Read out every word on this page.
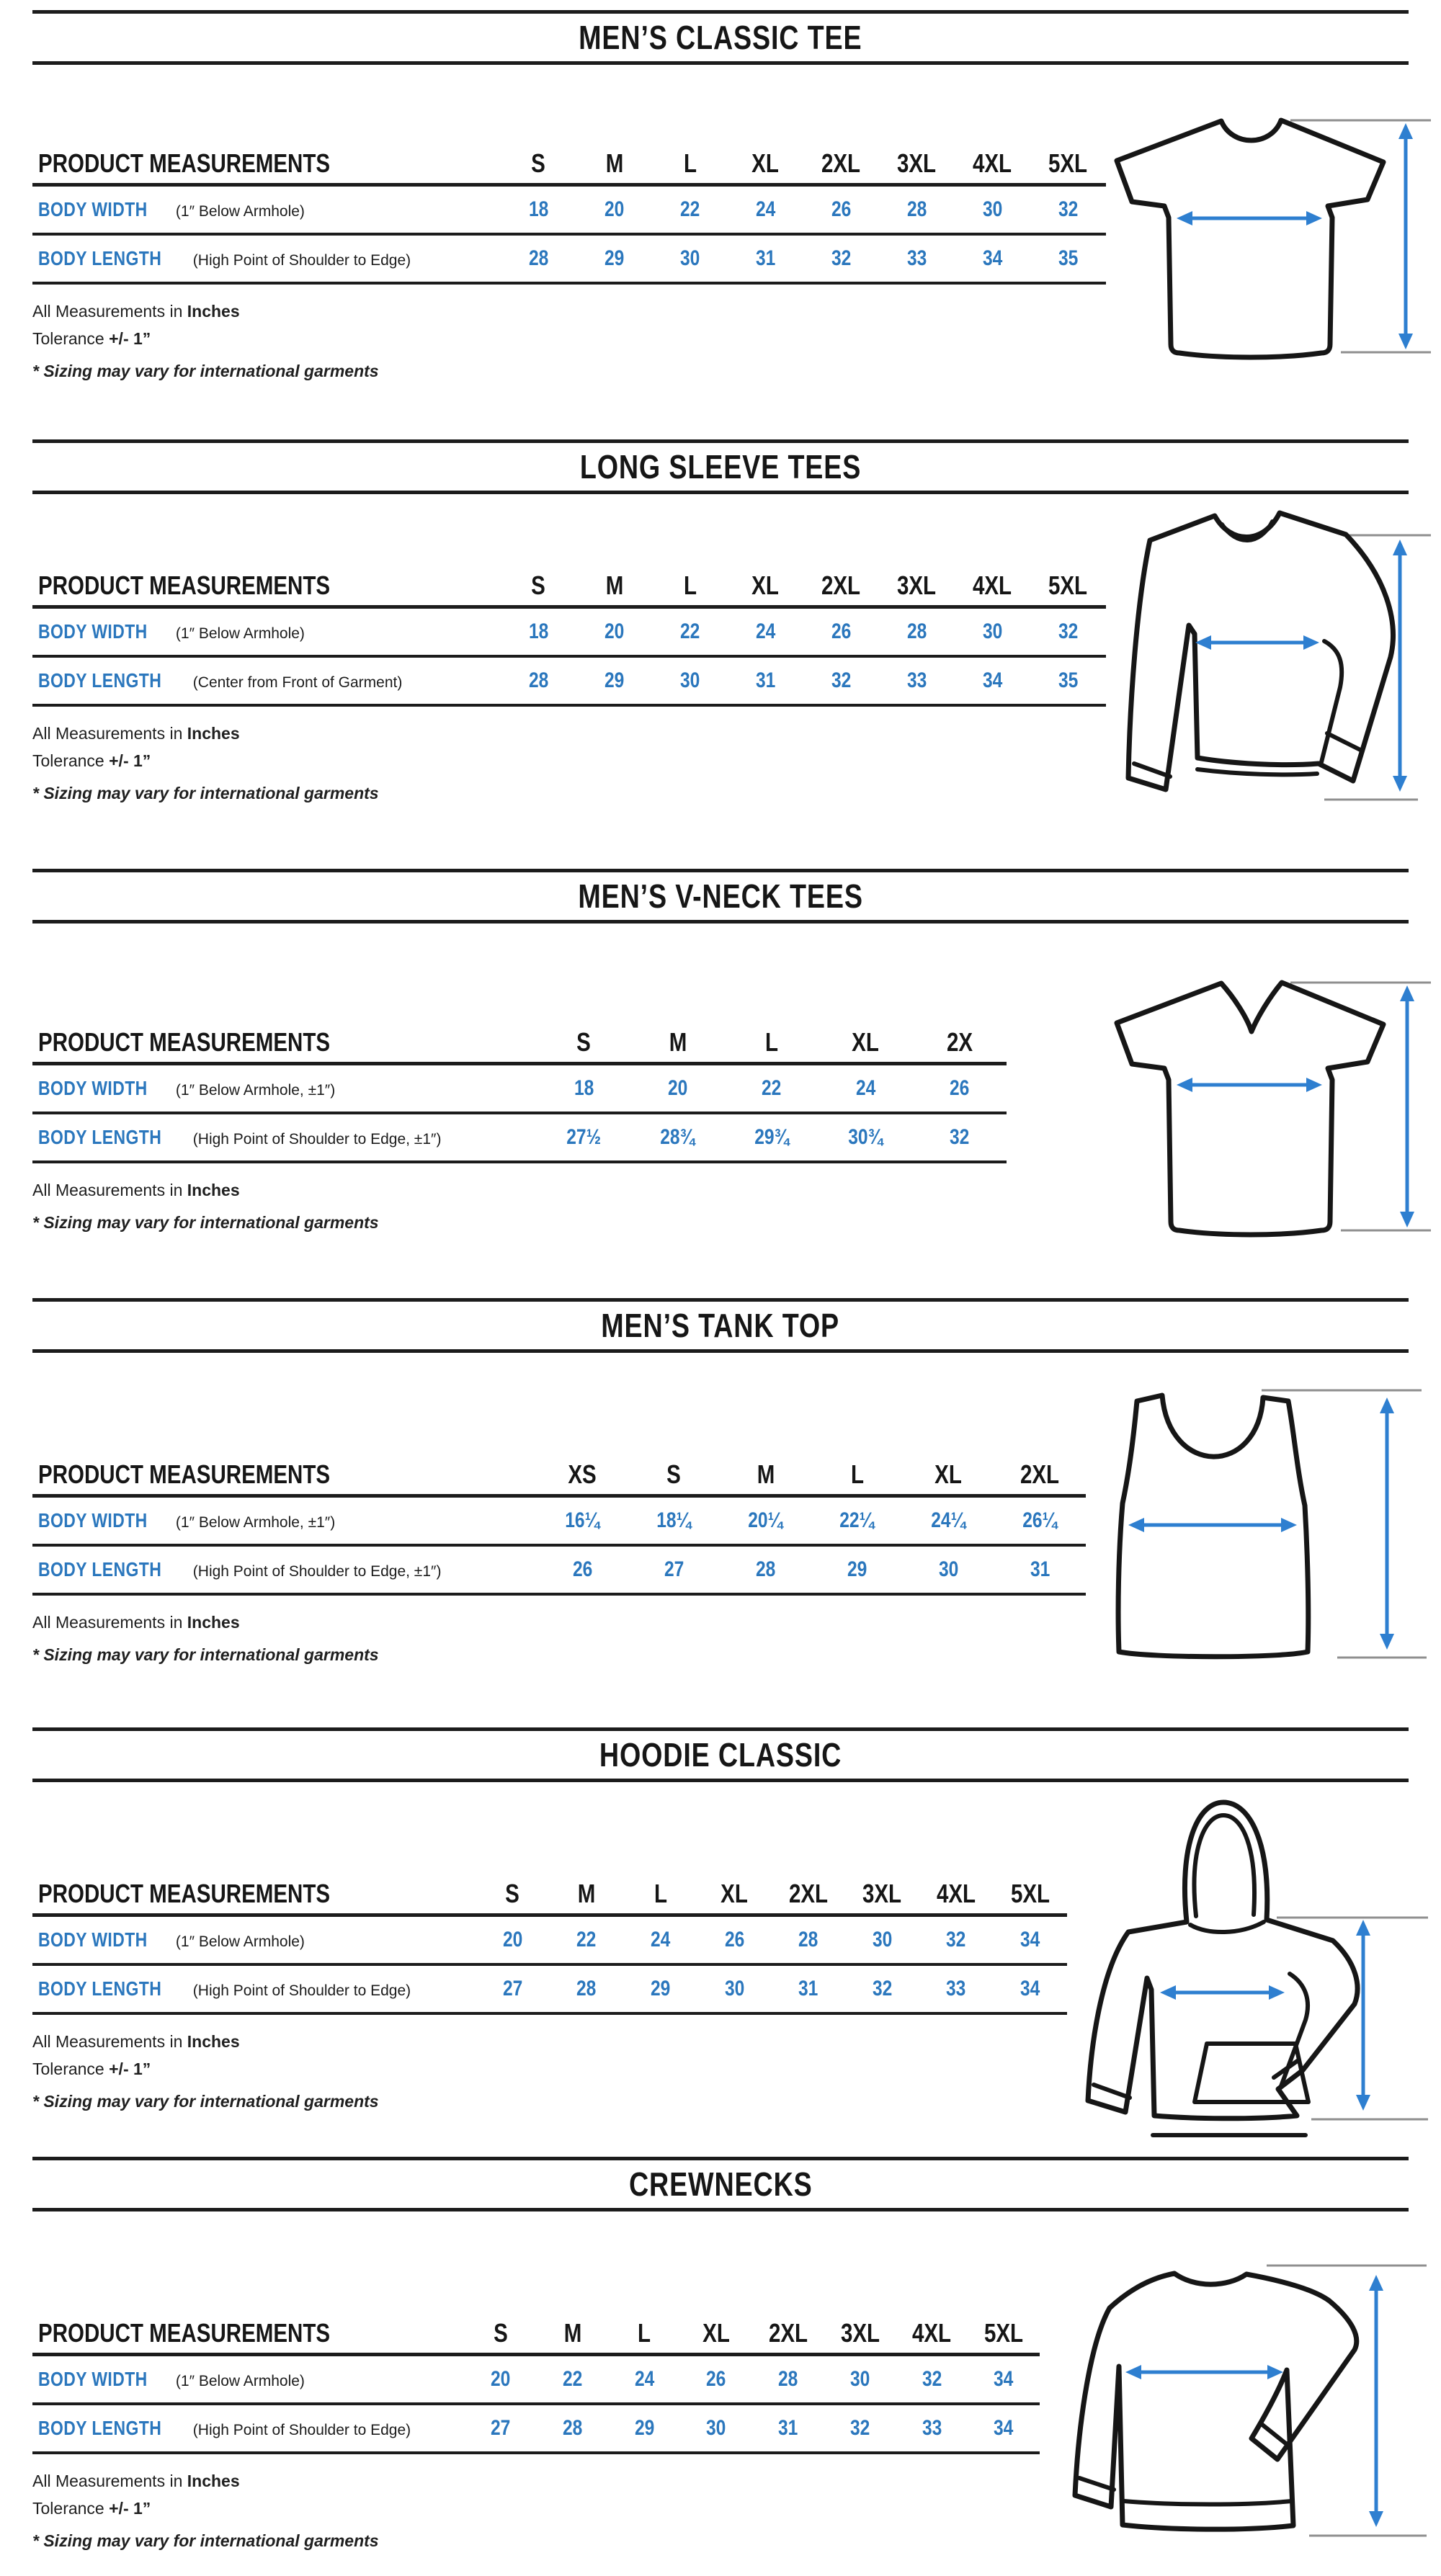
MEN’S CLASSIC TEE
PRODUCT MEASUREMENTS	S	M	L	XL	2XL	3XL	4XL	5XL
BODY WIDTH (1″ Below Armhole)	18	20	22	24	26	28	30	32
BODY LENGTH (High Point of Shoulder to Edge)	28	29	30	31	32	33	34	35

All Measurements in Inches

Tolerance +/- 1”

* Sizing may vary for international garments

LONG SLEEVE TEES
PRODUCT MEASUREMENTS	S	M	L	XL	2XL	3XL	4XL	5XL
BODY WIDTH (1″ Below Armhole)	18	20	22	24	26	28	30	32
BODY LENGTH (Center from Front of Garment)	28	29	30	31	32	33	34	35

All Measurements in Inches

Tolerance +/- 1”

* Sizing may vary for international garments

MEN’S V-NECK TEES
PRODUCT MEASUREMENTS	S	M	L	XL	2X
BODY WIDTH (1″ Below Armhole, ±1″)	18	20	22	24	26
BODY LENGTH (High Point of Shoulder to Edge, ±1″)	27½	28¾	29¾	30¾	32

All Measurements in Inches

* Sizing may vary for international garments

MEN’S TANK TOP
PRODUCT MEASUREMENTS	XS	S	M	L	XL	2XL
BODY WIDTH (1″ Below Armhole, ±1″)	16¼	18¼	20¼	22¼	24¼	26¼
BODY LENGTH (High Point of Shoulder to Edge, ±1″)	26	27	28	29	30	31

All Measurements in Inches

* Sizing may vary for international garments

HOODIE CLASSIC
PRODUCT MEASUREMENTS	S	M	L	XL	2XL	3XL	4XL	5XL
BODY WIDTH (1″ Below Armhole)	20	22	24	26	28	30	32	34
BODY LENGTH (High Point of Shoulder to Edge)	27	28	29	30	31	32	33	34

All Measurements in Inches

Tolerance +/- 1”

* Sizing may vary for international garments

CREWNECKS
PRODUCT MEASUREMENTS	S	M	L	XL	2XL	3XL	4XL	5XL
BODY WIDTH (1″ Below Armhole)	20	22	24	26	28	30	32	34
BODY LENGTH (High Point of Shoulder to Edge)	27	28	29	30	31	32	33	34

All Measurements in Inches

Tolerance +/- 1”

* Sizing may vary for international garments
